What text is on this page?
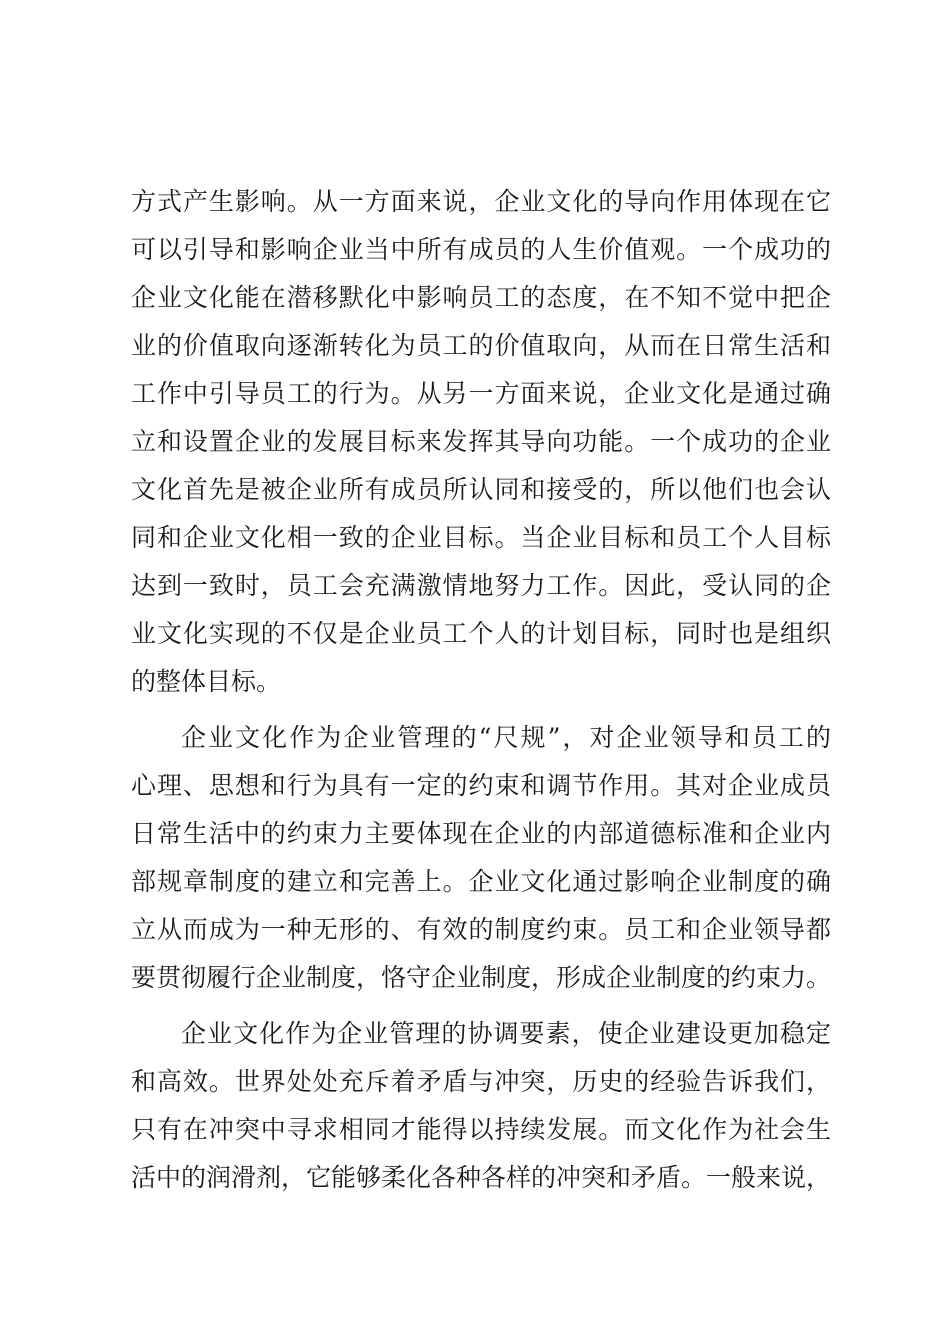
方式产生影响。从一方面来说，企业文化的导向作用体现在它
可以引导和影响企业当中所有成员的人生价值观。一个成功的
企业文化能在潜移默化中影响员工的态度，在不知不觉中把企
业的价值取向逐渐转化为员工的价值取向，从而在日常生活和
工作中引导员工的行为。从另一方面来说，企业文化是通过确
立和设置企业的发展目标来发挥其导向功能。一个成功的企业
文化首先是被企业所有成员所认同和接受的，所以他们也会认
同和企业文化相一致的企业目标。当企业目标和员工个人目标
达到一致时，员工会充满激情地努力工作。因此，受认同的企
业文化实现的不仅是企业员工个人的计划目标，同时也是组织
的整体目标。
企业文化作为企业管理的“尺规”，对企业领导和员工的
心理、思想和行为具有一定的约束和调节作用。其对企业成员
日常生活中的约束力主要体现在企业的内部道德标准和企业内
部规章制度的建立和完善上。企业文化通过影响企业制度的确
立从而成为一种无形的、有效的制度约束。员工和企业领导都
要贯彻履行企业制度，恪守企业制度，形成企业制度的约束力。
企业文化作为企业管理的协调要素，使企业建设更加稳定
和高效。世界处处充斥着矛盾与冲突，历史的经验告诉我们，
只有在冲突中寻求相同才能得以持续发展。而文化作为社会生
活中的润滑剂，它能够柔化各种各样的冲突和矛盾。一般来说，
